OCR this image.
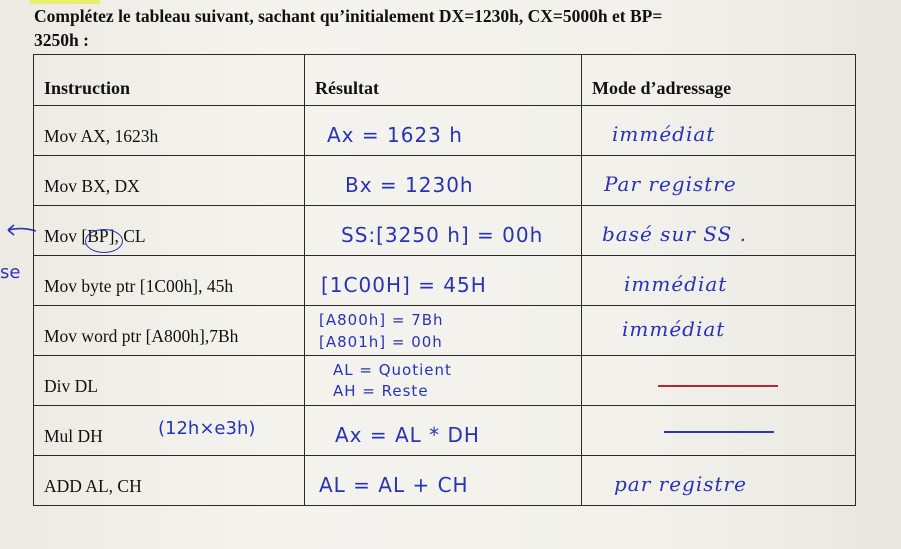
Complétez le tableau suivant, sachant qu’initialement DX=1230h, CX=5000h et BP=
3250h :
se
Instruction	Résultat	Mode d’adressage

Mov AX, 1623h	Ax = 1623 h	immédiat

Mov BX, DX	Bx = 1230h	Par registre

Mov [BP], CL	SS:[3250 h] = 00h	basé sur SS .

Mov byte ptr [1C00h], 45h	[1C00H] = 45H	immédiat

Mov word ptr [A800h],7Bh	[A800h] = 7Bh
[A801h] = 00h	immédiat

Div DL	AL = Quotient
AH = Reste	

Mul DH	Ax = AL * DH	

ADD AL, CH	AL = AL + CH	par registre
(12h×e3h)
